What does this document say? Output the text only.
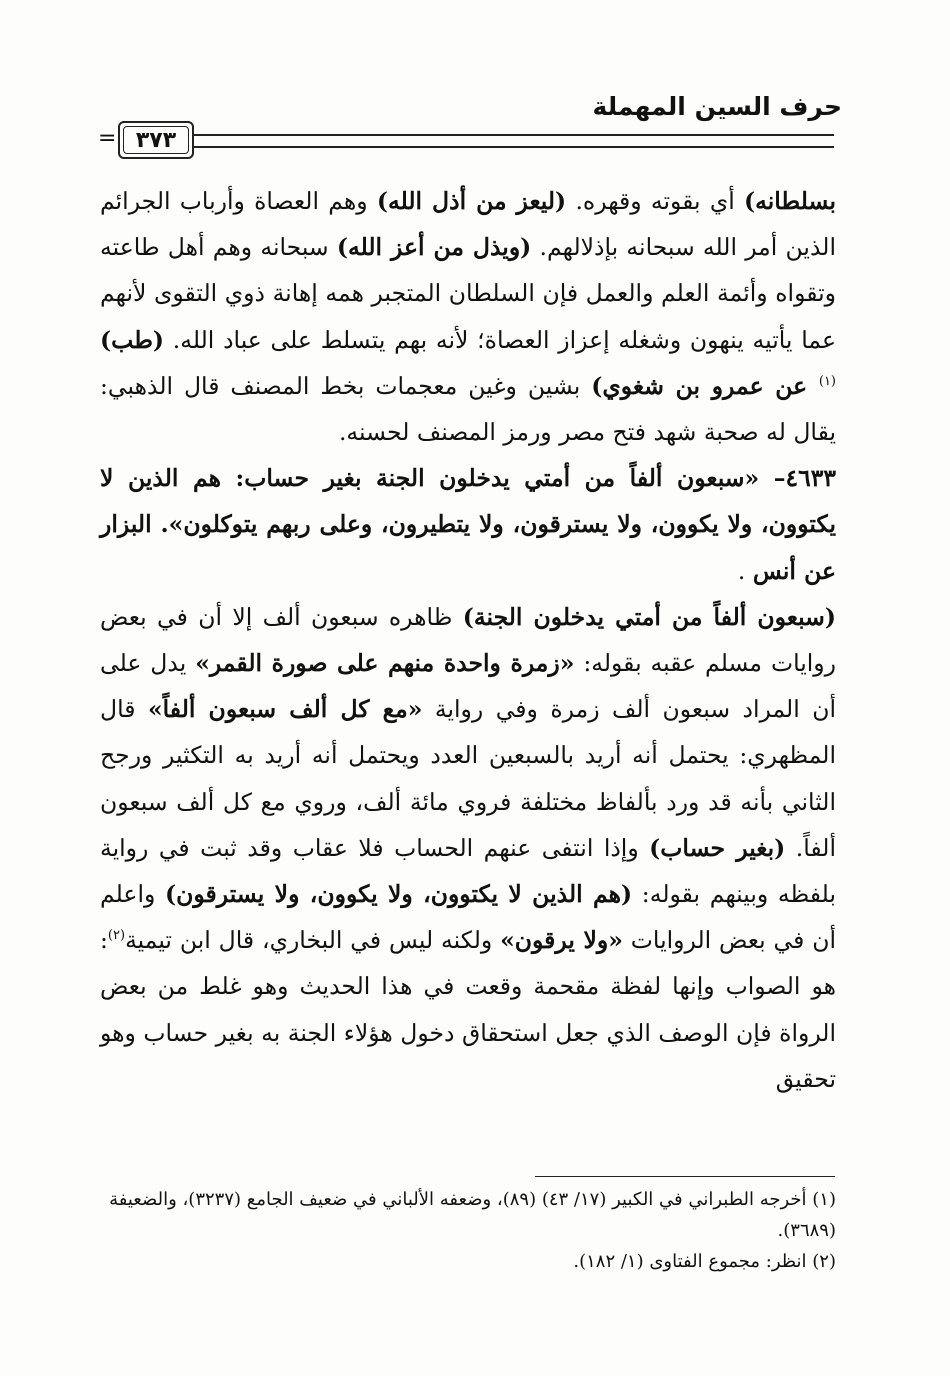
حرف السين المهملة
٣٧٣
=

بسلطانه) أي بقوته وقهره. (ليعز من أذل الله) وهم العصاة وأرباب الجرائم الذين أمر الله سبحانه بإذلالهم. (ويذل من أعز الله) سبحانه وهم أهل طاعته وتقواه وأئمة العلم والعمل فإن السلطان المتجبر همه إهانة ذوي التقوى لأنهم عما يأتيه ينهون وشغله إعزاز العصاة؛ لأنه بهم يتسلط على عباد الله. (طب)$^{(١)}$ عن عمرو بن شغوي) بشين وغين معجمات بخط المصنف قال الذهبي: يقال له صحبة شهد فتح مصر ورمز المصنف لحسنه.

٤٦٣٣– «سبعون ألفاً من أمتي يدخلون الجنة بغير حساب: هم الذين لا يكتوون، ولا يكوون، ولا يسترقون، ولا يتطيرون، وعلى ربهم يتوكلون». البزار عن أنس .

(سبعون ألفاً من أمتي يدخلون الجنة) ظاهره سبعون ألف إلا أن في بعض روايات مسلم عقبه بقوله: «زمرة واحدة منهم على صورة القمر» يدل على أن المراد سبعون ألف زمرة وفي رواية «مع كل ألف سبعون ألفاً» قال المظهري: يحتمل أنه أريد بالسبعين العدد ويحتمل أنه أريد به التكثير ورجح الثاني بأنه قد ورد بألفاظ مختلفة فروي مائة ألف، وروي مع كل ألف سبعون ألفاً. (بغير حساب) وإذا انتفى عنهم الحساب فلا عقاب وقد ثبت في رواية بلفظه وبينهم بقوله: (هم الذين لا يكتوون، ولا يكوون، ولا يسترقون) واعلم أن في بعض الروايات «ولا يرقون» ولكنه ليس في البخاري، قال ابن تيمية$^{(٢)}$: هو الصواب وإنها لفظة مقحمة وقعت في هذا الحديث وهو غلط من بعض الرواة فإن الوصف الذي جعل استحقاق دخول هؤلاء الجنة به بغير حساب وهو تحقيق

(١) أخرجه الطبراني في الكبير (١٧/ ٤٣) (٨٩)، وضعفه الألباني في ضعيف الجامع (٣٢٣٧)، والضعيفة (٣٦٨٩).

(٢) انظر: مجموع الفتاوى (١/ ١٨٢).
